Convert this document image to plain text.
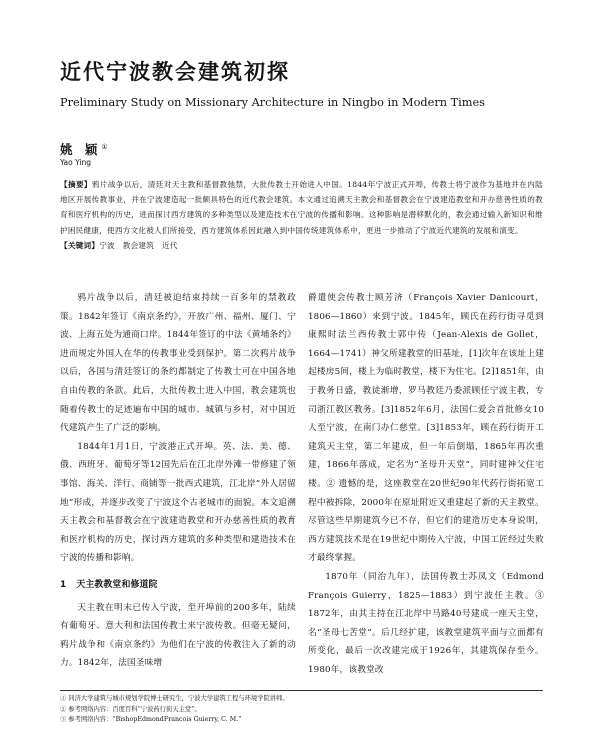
近代宁波教会建筑初探
Preliminary Study on Missionary Architecture in Ningbo in Modern Times
姚 颖①
Yao Ying
【摘要】鸦片战争以后，清廷对天主教和基督教弛禁，大批传教士开始进入中国。1844年宁波正式开埠，传教士将宁波作为基地并在内陆地区开展传教事业，并在宁波建造起一批颇具特色的近代教会建筑。本文通过追溯天主教会和基督教会在宁波建造教堂和开办慈善性质的教育和医疗机构的历史，进而探讨西方建筑的多种类型以及建造技术在宁波的传播和影响。这种影响是潜移默化的，教会通过输入新知识和维护困民健康，使西方文化被人们所接受，西方建筑体系因此融入到中国传统建筑体系中，更进一步推动了宁波近代建筑的发展和演变。
【关键词】宁波　教会建筑　近代

鸦片战争以后，清廷被迫结束持续一百多年的禁教政策。1842年签订《南京条约》，开放广州、福州、厦门、宁波、上海五处为通商口岸。1844年签订的中法《黄埔条约》进而规定外国人在华的传教事业受到保护。第二次鸦片战争以后，各国与清廷签订的条约都制定了传教士可在中国各地自由传教的条款。此后，大批传教士进入中国，教会建筑也随着传教士的足迹遍布中国的城市、城镇与乡村，对中国近代建筑产生了广泛的影响。

1844年1月1日，宁波港正式开埠。英、法、美、德、俄、西班牙、葡萄牙等12国先后在江北岸外滩一带修建了领事馆、海关、洋行、商铺等一批西式建筑，江北岸“外人居留地”形成，并逐步改变了宁波这个古老城市的面貌。本文追溯天主教会和基督教会在宁波建造教堂和开办慈善性质的教育和医疗机构的历史，探讨西方建筑的多种类型和建造技术在宁波的传播和影响。

1 天主教教堂和修道院

天主教在明末已传入宁波，至开埠前的200多年，陆续有葡萄牙、意大利和法国传教士来宁波传教。但毫无疑问，鸦片战争和《南京条约》为他们在宁波的传教注入了新的动力。1842年，法国圣味增

爵遣使会传教士顾芳济（François Xavier Danicourt，1806—1860）来到宁波。1845年，顾氏在药行街寻觅到康熙时法兰西传教士郭中传（Jean-Alexis de Gollet，1664—1741）神父所建教堂的旧基址，[1]次年在该址上建起楼房5间，楼上为临时教堂，楼下为住宅。[2]1851年，由于教务日盛，教徒渐增，罗马教廷乃委派顾任宁波主教，专司浙江教区教务。[3]1852年6月，法国仁爱会首批修女10人至宁波，在南门办仁慈堂。[3]1853年，顾在药行街开工建筑天主堂，第二年建成，但一年后倒塌，1865年再次重建，1866年落成，定名为“圣母升天堂”，同时建神父住宅楼。② 遗憾的是，这座教堂在20世纪90年代药行街拓宽工程中被拆除，2000年在原址附近又重建起了新的天主教堂。尽管这些早期建筑今已不存，但它们的建造历史本身说明，西方建筑技术是在19世纪中期传入宁波，中国工匠经过失败才最终掌握。

1870年（同治九年），法国传教士苏凤文（Edmond François Guierry，1825—1883）到宁波任主教。③ 1872年，由其主持在江北岸中马路40号建成一座天主堂，名“圣母七苦堂”。后几经扩建，该教堂建筑平面与立面都有所变化，最后一次改建完成于1926年，其建筑保存至今。1980年，该教堂改

① 同济大学建筑与城市规划学院博士研究生，宁波大学建筑工程与环境学院讲师。
② 参考网络内容：百度百科“宁波药行街天主堂”。
③ 参考网络内容：“BishopEdmondFrancois Guierry, C. M.”
